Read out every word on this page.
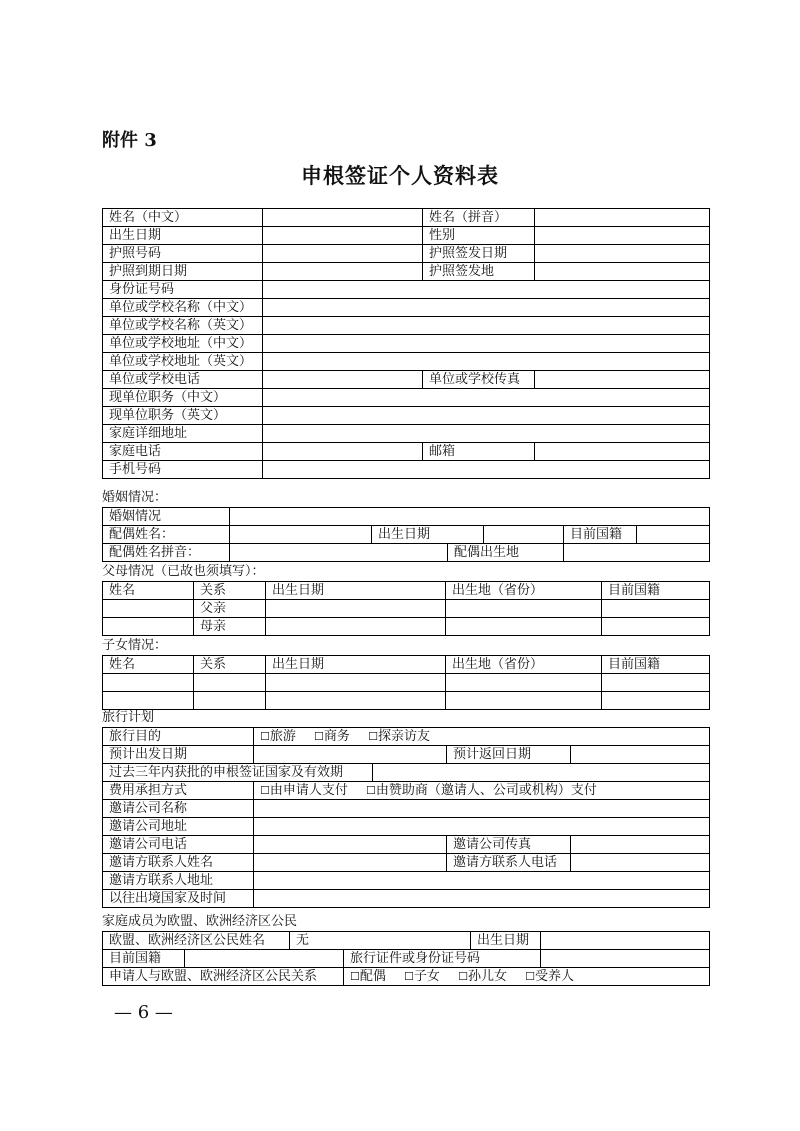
附件 3
申根签证个人资料表
姓名（中文）		姓名（拼音）	
出生日期		性别	
护照号码		护照签发日期	
护照到期日期		护照签发地	
身份证号码			
单位或学校名称（中文）			
单位或学校名称（英文）			
单位或学校地址（中文）			
单位或学校地址（英文）			
单位或学校电话		单位或学校传真	
现单位职务（中文）			
现单位职务（英文）			
家庭详细地址			
家庭电话		邮箱	
手机号码			
婚姻情况：
婚姻情况						
配偶姓名：		出生日期			目前国籍	
配偶姓名拼音：			配偶出生地			
父母情况（已故也须填写）：
姓名	关系	出生日期	出生地（省份）	目前国籍
	父亲			
	母亲			
子女情况：
姓名	关系	出生日期	出生地（省份）	目前国籍

旅行计划
旅行目的	☐旅游 ☐商务 ☐探亲访友			
预计出发日期			预计返回日期	
过去三年内获批的申根签证国家及有效期				
费用承担方式	☐由申请人支付 ☐由赞助商（邀请人、公司或机构）支付			
邀请公司名称				
邀请公司地址				
邀请公司电话			邀请公司传真	
邀请方联系人姓名			邀请方联系人电话	
邀请方联系人地址				
以往出境国家及时间				
家庭成员为欧盟、欧洲经济区公民
欧盟、欧洲经济区公民姓名		无		出生日期	
目前国籍			旅行证件或身份证号码		
申请人与欧盟、欧洲经济区公民关系			☐配偶 ☐子女 ☐孙儿女 ☐受养人		
— 6 —
